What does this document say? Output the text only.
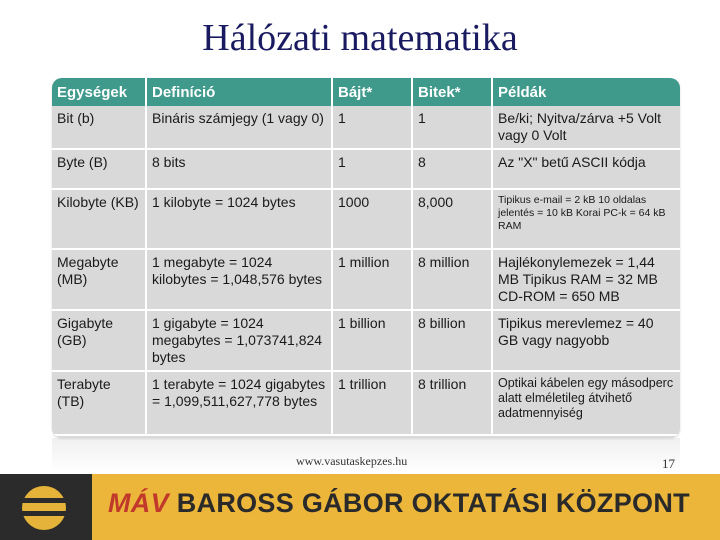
Hálózati matematika
Egységek	Definíció	Bájt*	Bitek*	Példák
Bit (b)	Bináris számjegy (1 vagy 0)	1	1	Be/ki; Nyitva/zárva +5 Volt vagy 0 Volt
Byte (B)	8 bits	1	8	Az "X" betű ASCII kódja
Kilobyte (KB)	1 kilobyte = 1024 bytes	1000	8,000	Tipikus e-mail = 2 kB 10 oldalas jelentés = 10 kB Korai PC-k = 64 kB RAM
Megabyte (MB)	1 megabyte = 1024 kilobytes = 1,048,576 bytes	1 million	8 million	Hajlékonylemezek = 1,44 MB Tipikus RAM = 32 MB CD-ROM = 650 MB
Gigabyte (GB)	1 gigabyte = 1024 megabytes = 1,073741,824 bytes	1 billion	8 billion	Tipikus merevlemez = 40 GB vagy nagyobb
Terabyte (TB)	1 terabyte = 1024 gigabytes = 1,099,511,627,778 bytes	1 trillion	8 trillion	Optikai kábelen egy másodperc alatt elméletileg átvihető adatmennyiség
www.vasutaskepzes.hu	17
MÁV BAROSS GÁBOR OKTATÁSI KÖZPONT
